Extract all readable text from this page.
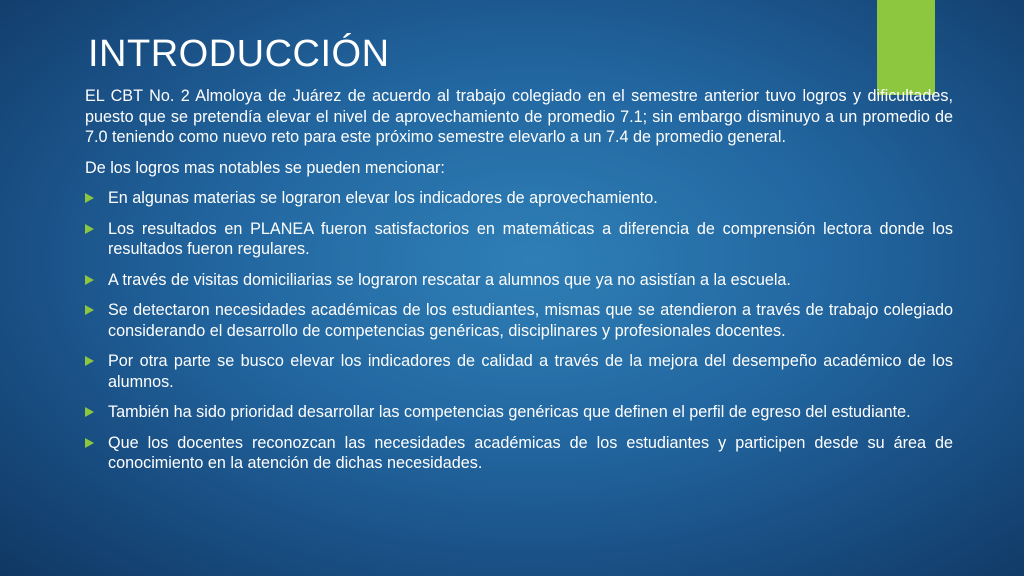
INTRODUCCIÓN

EL CBT No. 2 Almoloya de Juárez de acuerdo al trabajo colegiado en el semestre anterior tuvo logros y dificultades, puesto que se pretendía elevar el nivel de aprovechamiento de promedio 7.1; sin embargo disminuyo a un promedio de 7.0 teniendo como nuevo reto para este próximo semestre elevarlo a un 7.4 de promedio general.

De los logros mas notables se pueden mencionar:

En algunas materias se lograron elevar los indicadores de aprovechamiento.
Los resultados en PLANEA fueron satisfactorios en matemáticas a diferencia de comprensión lectora donde los resultados fueron regulares.
A través de visitas domiciliarias se lograron rescatar a alumnos que ya no asistían a la escuela.
Se detectaron necesidades académicas de los estudiantes, mismas que se atendieron a través de trabajo colegiado considerando el desarrollo de competencias genéricas, disciplinares y profesionales docentes.
Por otra parte se busco elevar los indicadores de calidad a través de la mejora del desempeño académico de los alumnos.
También ha sido prioridad desarrollar las competencias genéricas que definen el perfil de egreso del estudiante.
Que los docentes reconozcan las necesidades académicas de los estudiantes y participen desde su área de conocimiento en la atención de dichas necesidades.
